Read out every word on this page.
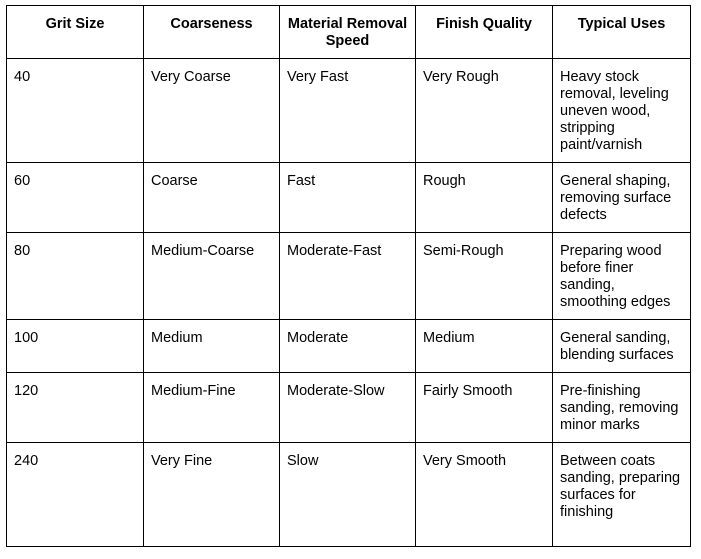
Grit Size	Coarseness	Material Removal Speed	Finish Quality	Typical Uses
40	Very Coarse	Very Fast	Very Rough	Heavy stock removal, leveling uneven wood, stripping paint/varnish
60	Coarse	Fast	Rough	General shaping, removing surface defects
80	Medium-Coarse	Moderate-Fast	Semi-Rough	Preparing wood before finer sanding, smoothing edges
100	Medium	Moderate	Medium	General sanding, blending surfaces
120	Medium-Fine	Moderate-Slow	Fairly Smooth	Pre-finishing sanding, removing minor marks
240	Very Fine	Slow	Very Smooth	Between coats sanding, preparing surfaces for finishing
